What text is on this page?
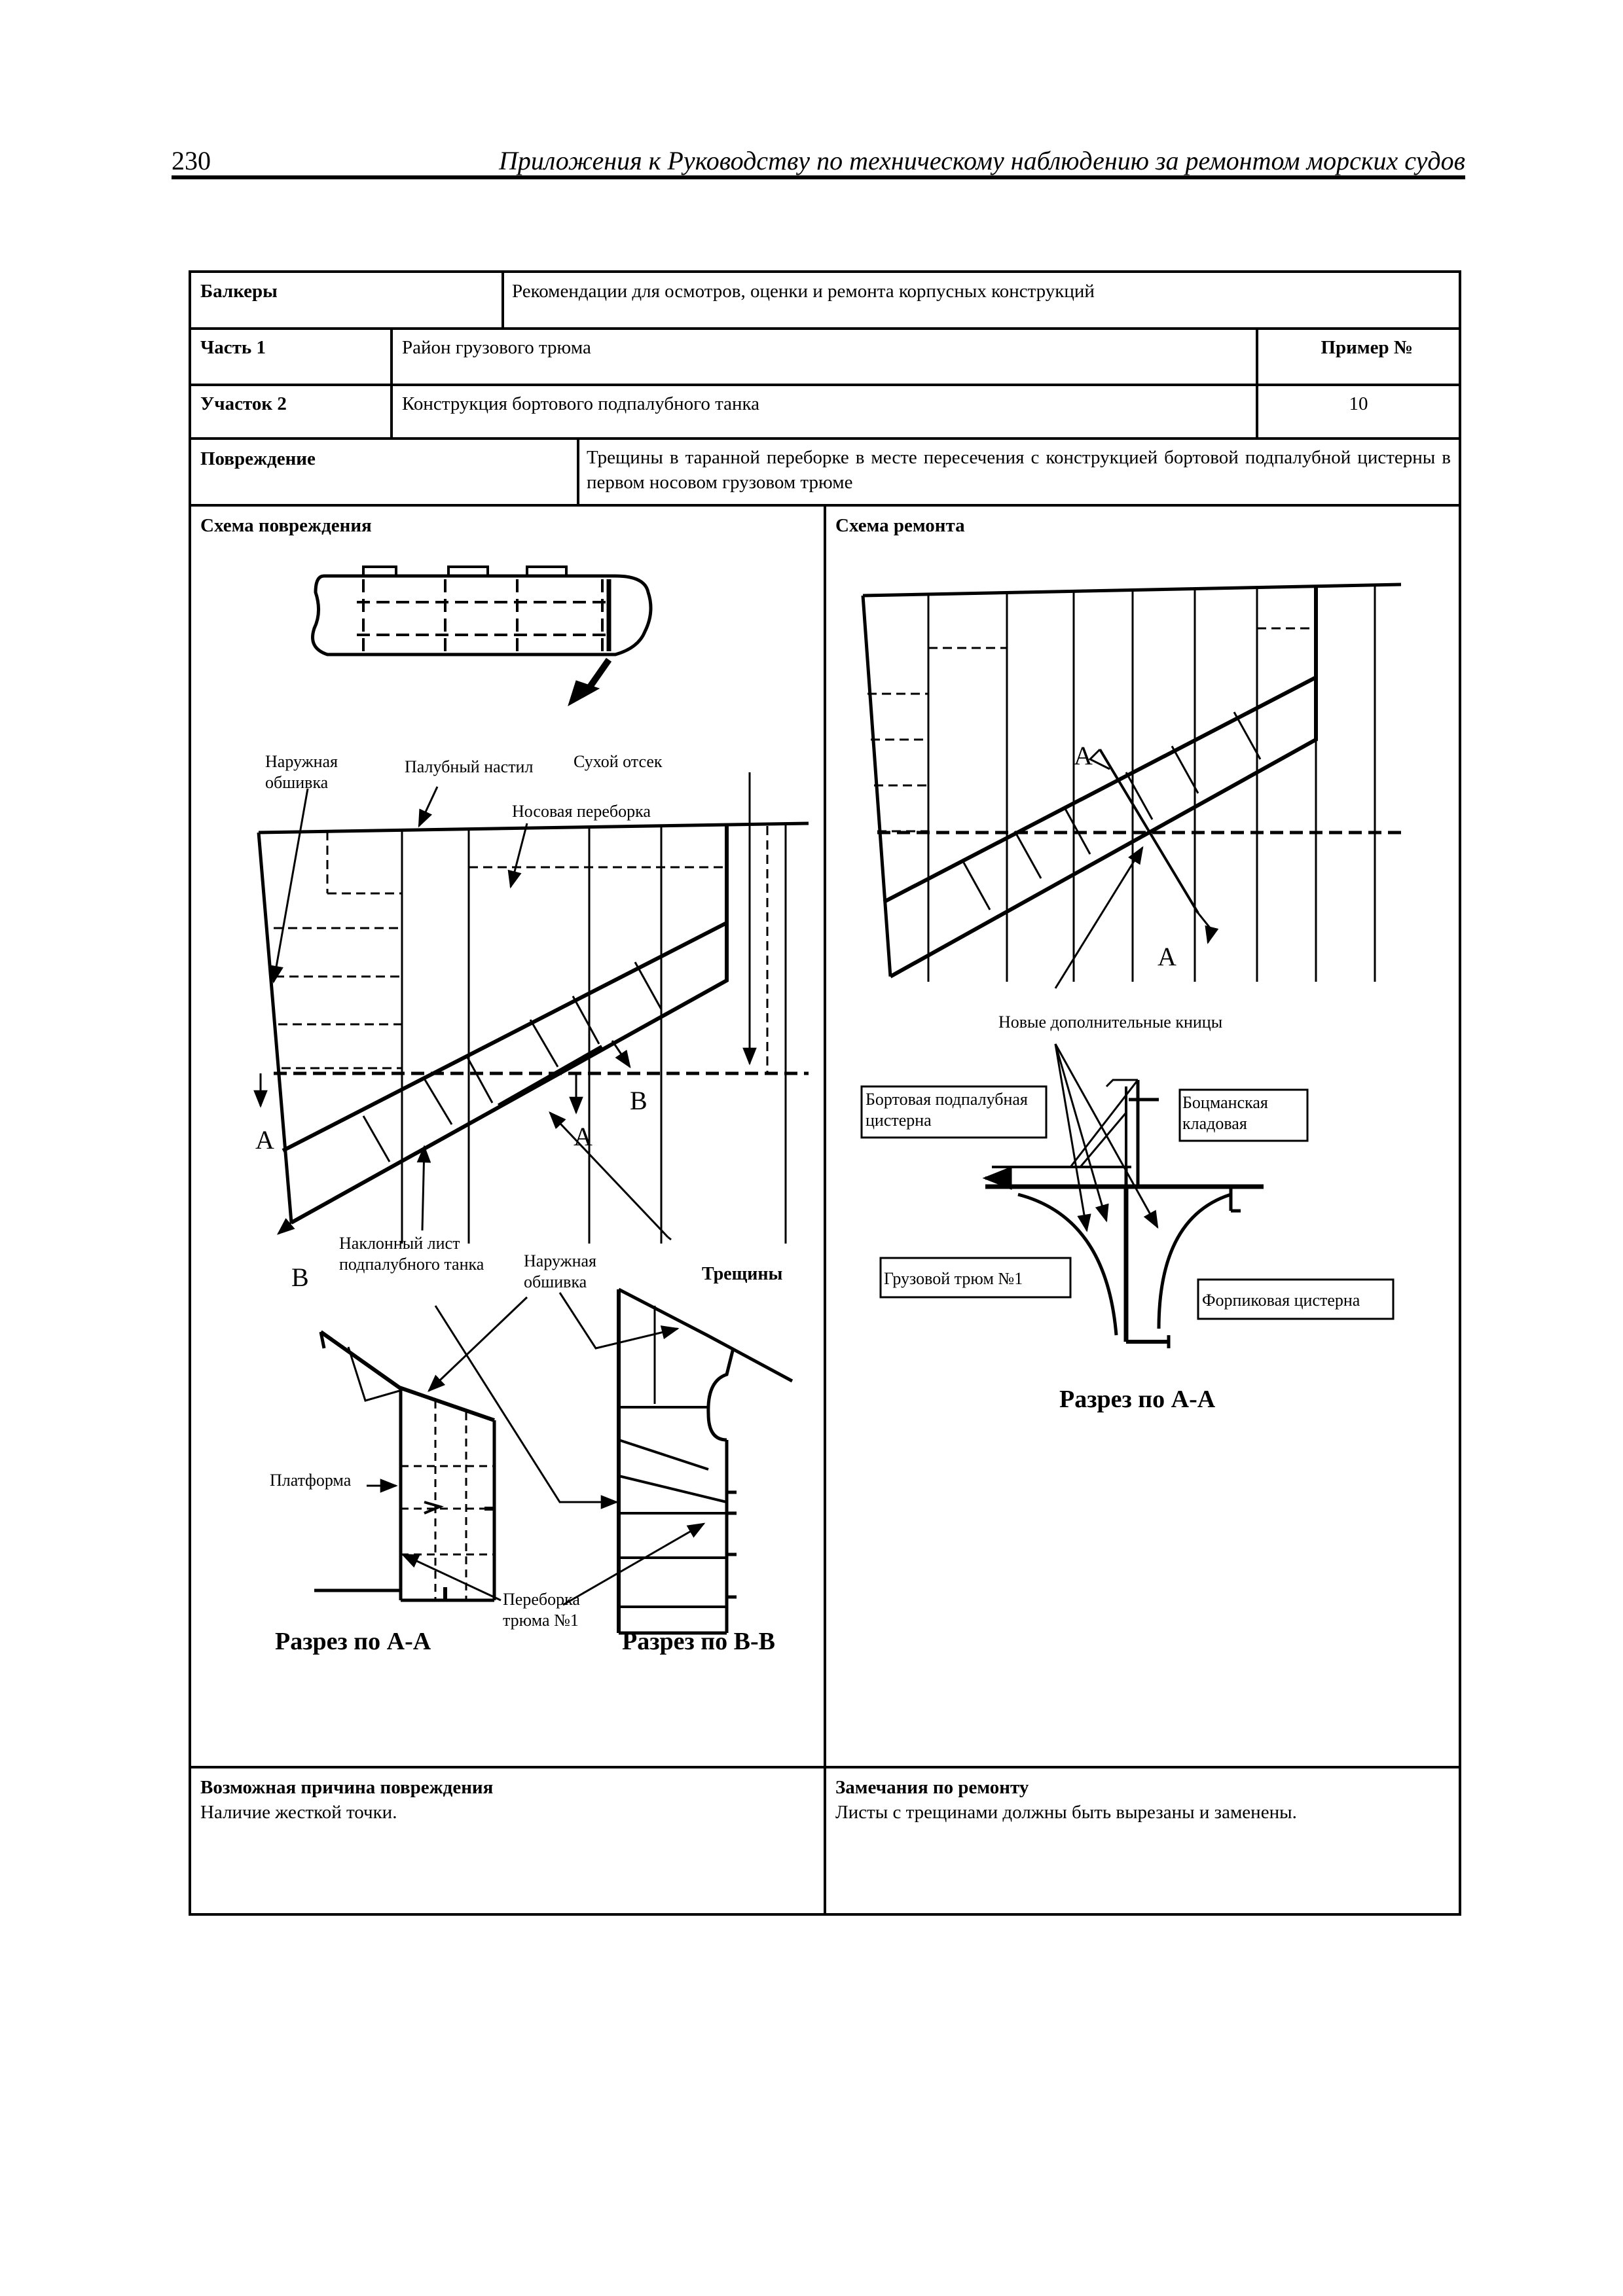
230	Приложения к Руководству по техническому наблюдению за ремонтом морских судов
Балкеры	Рекомендации для осмотров, оценки и ремонта корпусных конструкций
Часть 1	Район грузового трюма	Пример №
Участок 2	Конструкция бортового подпалубного танка	10
Повреждение	Трещины в таранной переборке в месте пересечения с конструкцией бортовой подпалубной цистерны в первом носовом грузовом трюме
Схема повреждения	Схема ремонта
Возможная причина повреждения
Наличие жесткой точки.
Замечания по ремонту
Листы с трещинами должны быть вырезаны и заменены.
Наружная обшивка
Палубный настил Сухой отсек
Носовая переборка
Наклонный лист подпалубного танка Наружная обшивка	Трещины
Платформа
Переборка трюма №1
А	А
В
В
Разрез по А-А	Разрез по В-В
Новые дополнительные кницы
Бортовая подпалубная цистерна
Боцманская кладовая
Грузовой трюм №1
Форпиковая цистерна
А
А
Разрез по А-А
